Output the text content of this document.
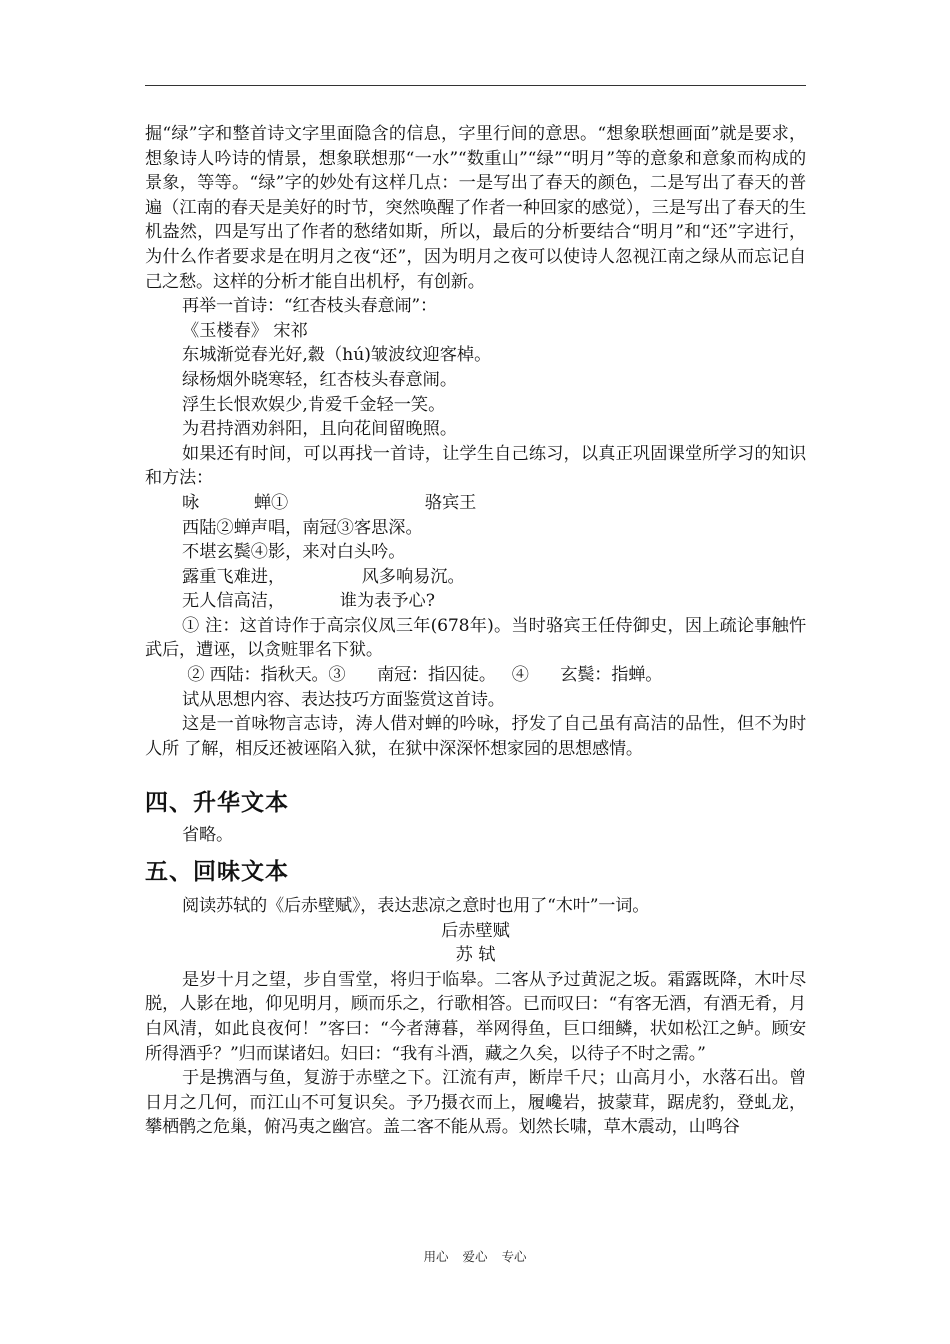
掘“绿”字和整首诗文字里面隐含的信息，字里行间的意思。“想象联想画面”就是要求，想象诗人吟诗的情景，想象联想那“一水”“数重山”“绿”“明月”等的意象和意象而构成的景象，等等。“绿”字的妙处有这样几点：一是写出了春天的颜色，二是写出了春天的普遍（江南的春天是美好的时节，突然唤醒了作者一种回家的感觉），三是写出了春天的生机盎然，四是写出了作者的愁绪如斯，所以，最后的分析要结合“明月”和“还”字进行，为什么作者要求是在明月之夜“还”，因为明月之夜可以使诗人忽视江南之绿从而忘记自己之愁。这样的分析才能自出机杼，有创新。

再举一首诗：“红杏枝头春意闹”：

《玉楼春》 宋祁

东城渐觉春光好,縠（hú)皱波纹迎客棹。

绿杨烟外晓寒轻，红杏枝头春意闹。

浮生长恨欢娱少,肯爱千金轻一笑。

为君持酒劝斜阳，且向花间留晚照。

如果还有时间，可以再找一首诗，让学生自己练习，以真正巩固课堂所学习的知识和方法：

咏          蝉①                         骆宾王

西陆②蝉声唱，南冠③客思深。

不堪玄鬓④影，来对白头吟。

露重飞难进，              风多响易沉。

无人信高洁，          谁为表予心?

① 注：这首诗作于高宗仪凤三年(678年)。当时骆宾王任侍御史，因上疏论事触忤武后，遭诬，以贪赃罪名下狱。

② 西陆：指秋天。③      南冠：指囚徒。   ④      玄鬓：指蝉。

试从思想内容、表达技巧方面鉴赏这首诗。

这是一首咏物言志诗，涛人借对蝉的吟咏，抒发了自己虽有高洁的品性，但不为时人所 了解，相反还被诬陷入狱，在狱中深深怀想家园的思想感情。

四、升华文本

省略。

五、回味文本

阅读苏轼的《后赤壁赋》，表达悲凉之意时也用了“木叶”一词。

后赤壁赋

苏 轼

是岁十月之望，步自雪堂，将归于临皋。二客从予过黄泥之坂。霜露既降，木叶尽脱，人影在地，仰见明月，顾而乐之，行歌相答。已而叹曰：“有客无酒，有酒无肴，月白风清，如此良夜何！”客曰：“今者薄暮，举网得鱼，巨口细鳞，状如松江之鲈。顾安所得酒乎？”归而谋诸妇。妇曰：“我有斗酒，藏之久矣，以待子不时之需。”

于是携酒与鱼，复游于赤壁之下。江流有声，断岸千尺；山高月小，水落石出。曾日月之几何，而江山不可复识矣。予乃摄衣而上，履巉岩，披蒙茸，踞虎豹，登虬龙，攀栖鹘之危巢，俯冯夷之幽宫。盖二客不能从焉。划然长啸，草木震动，山鸣谷

用心 爱心 专心
